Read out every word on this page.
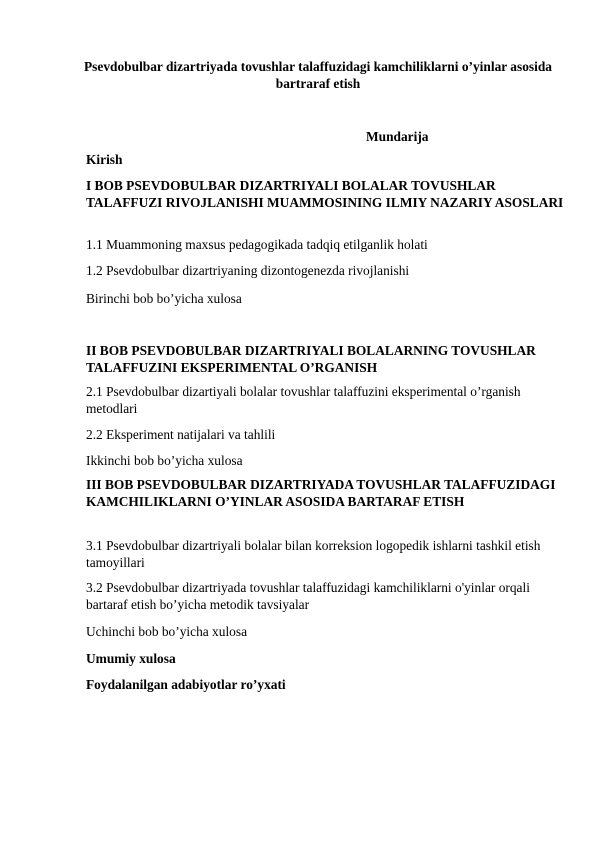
Psevdobulbar dizartriyada tovushlar talaffuzidagi kamchiliklarni o’yinlar asosida bartraraf etish
Mundarija
Kirish
I BOB PSEVDOBULBAR DIZARTRIYALI BOLALAR TOVUSHLAR TALAFFUZI RIVOJLANISHI MUAMMOSINING ILMIY NAZARIY ASOSLARI
1.1 Muammoning maxsus pedagogikada tadqiq etilganlik holati
1.2 Psevdobulbar dizartriyaning dizontogenezda rivojlanishi
Birinchi bob bo’yicha xulosa
II BOB PSEVDOBULBAR DIZARTRIYALI BOLALARNING TOVUSHLAR TALAFFUZINI EKSPERIMENTAL O’RGANISH
2.1 Psevdobulbar dizartiyali bolalar tovushlar talaffuzini eksperimental o’rganish metodlari
2.2 Eksperiment natijalari va tahlili
Ikkinchi bob bo’yicha xulosa
III BOB PSEVDOBULBAR DIZARTRIYADA TOVUSHLAR TALAFFUZIDAGI KAMCHILIKLARNI O’YINLAR ASOSIDA BARTARAF ETISH
3.1 Psevdobulbar dizartriyali bolalar bilan korreksion logopedik ishlarni tashkil etish tamoyillari
3.2 Psevdobulbar dizartriyada tovushlar talaffuzidagi kamchiliklarni o'yinlar orqali bartaraf etish bo’yicha metodik tavsiyalar
Uchinchi bob bo’yicha xulosa
Umumiy xulosa
Foydalanilgan adabiyotlar ro’yxati
